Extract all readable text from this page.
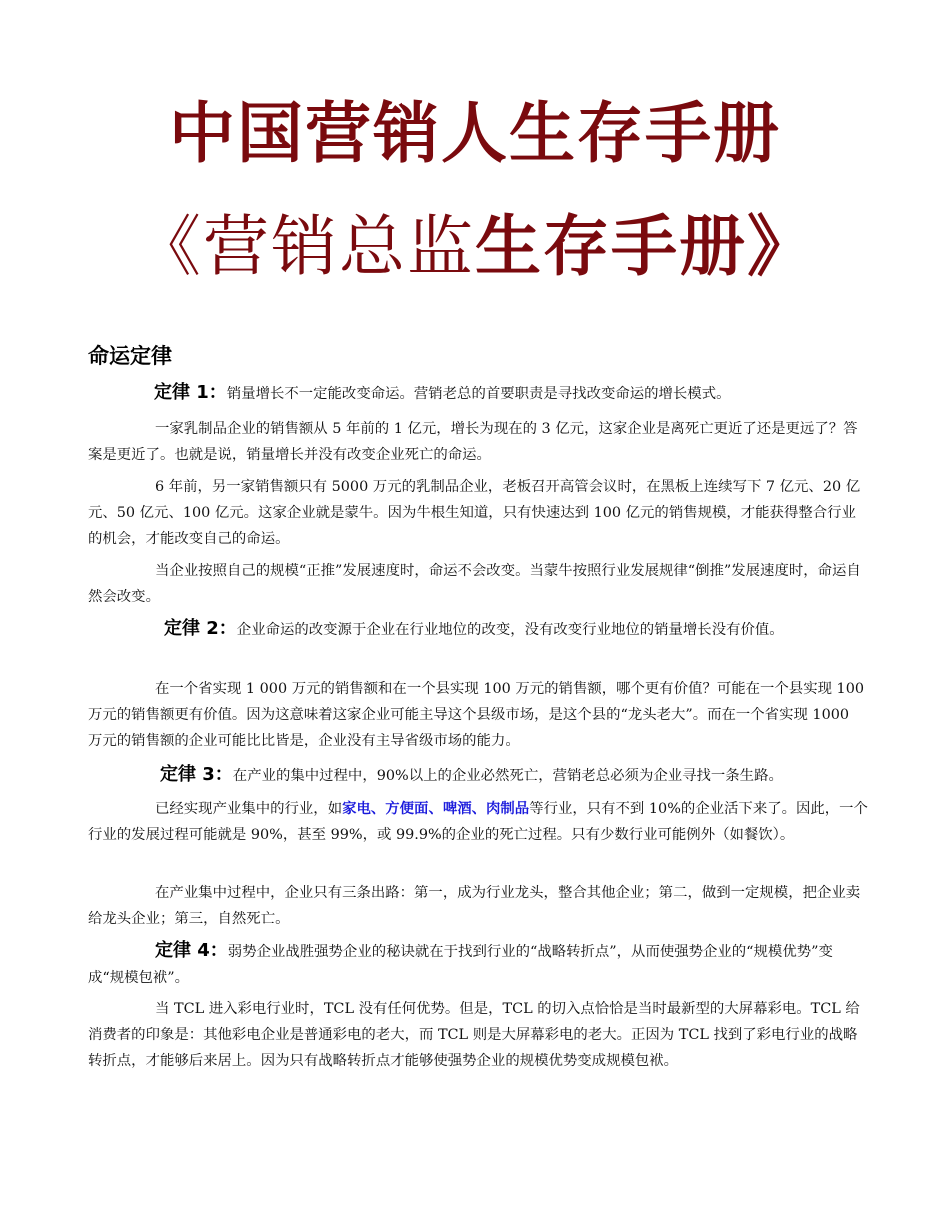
中国营销人生存手册
《营销总监生存手册》
命运定律

定律 1：销量增长不一定能改变命运。营销老总的首要职责是寻找改变命运的增长模式。

一家乳制品企业的销售额从 5 年前的 1 亿元，增长为现在的 3 亿元，这家企业是离死亡更近了还是更远了？答案是更近了。也就是说，销量增长并没有改变企业死亡的命运。

6 年前，另一家销售额只有 5000 万元的乳制品企业，老板召开高管会议时，在黑板上连续写下 7 亿元、20 亿元、50 亿元、100 亿元。这家企业就是蒙牛。因为牛根生知道，只有快速达到 100 亿元的销售规模，才能获得整合行业的机会，才能改变自己的命运。

当企业按照自己的规模“正推”发展速度时，命运不会改变。当蒙牛按照行业发展规律“倒推”发展速度时，命运自然会改变。

定律 2：企业命运的改变源于企业在行业地位的改变，没有改变行业地位的销量增长没有价值。

在一个省实现 1 000 万元的销售额和在一个县实现 100 万元的销售额，哪个更有价值？可能在一个县实现 100 万元的销售额更有价值。因为这意味着这家企业可能主导这个县级市场，是这个县的“龙头老大”。而在一个省实现 1000 万元的销售额的企业可能比比皆是，企业没有主导省级市场的能力。

定律 3：在产业的集中过程中，90%以上的企业必然死亡，营销老总必须为企业寻找一条生路。

已经实现产业集中的行业，如家电、方便面、啤酒、肉制品等行业，只有不到 10%的企业活下来了。因此，一个行业的发展过程可能就是 90%，甚至 99%，或 99.9%的企业的死亡过程。只有少数行业可能例外（如餐饮）。

在产业集中过程中，企业只有三条出路：第一，成为行业龙头，整合其他企业；第二，做到一定规模，把企业卖给龙头企业；第三，自然死亡。

定律 4：弱势企业战胜强势企业的秘诀就在于找到行业的“战略转折点”，从而使强势企业的“规模优势”变成“规模包袱”。

当 TCL 进入彩电行业时，TCL 没有任何优势。但是，TCL 的切入点恰恰是当时最新型的大屏幕彩电。TCL 给消费者的印象是：其他彩电企业是普通彩电的老大，而 TCL 则是大屏幕彩电的老大。正因为 TCL 找到了彩电行业的战略转折点，才能够后来居上。因为只有战略转折点才能够使强势企业的规模优势变成规模包袱。
